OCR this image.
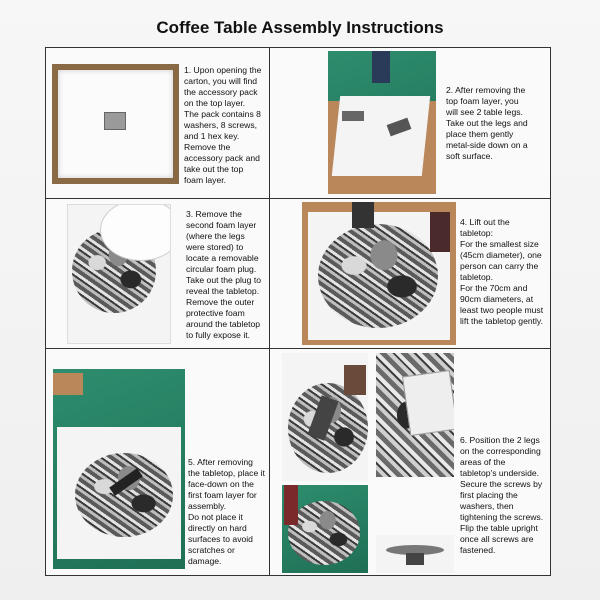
Coffee Table Assembly Instructions
1. Upon opening the
carton, you will find
the accessory pack
on the top layer.
The pack contains 8
washers, 8 screws,
and 1 hex key.
Remove the
accessory pack and
take out the top
foam layer.
2. After removing the
top foam layer, you
will see 2 table legs.
Take out the legs and
place them gently
metal-side down on a
soft surface.
3. Remove the
second foam layer
(where the legs
were stored) to
locate a removable
circular foam plug.
Take out the plug to
reveal the tabletop.
Remove the outer
protective foam
around the tabletop
to fully expose it.
4. Lift out the
tabletop:
For the smallest size
(45cm diameter), one
person can carry the
tabletop.
For the 70cm and
90cm diameters, at
least two people must
lift the tabletop gently.
5. After removing
the tabletop, place it
face-down on the
first foam layer for
assembly.
Do not place it
directly on hard
surfaces to avoid
scratches or
damage.
6. Position the 2 legs
on the corresponding
areas of the
tabletop's underside.
Secure the screws by
first placing the
washers, then
tightening the screws.
Flip the table upright
once all screws are
fastened.
